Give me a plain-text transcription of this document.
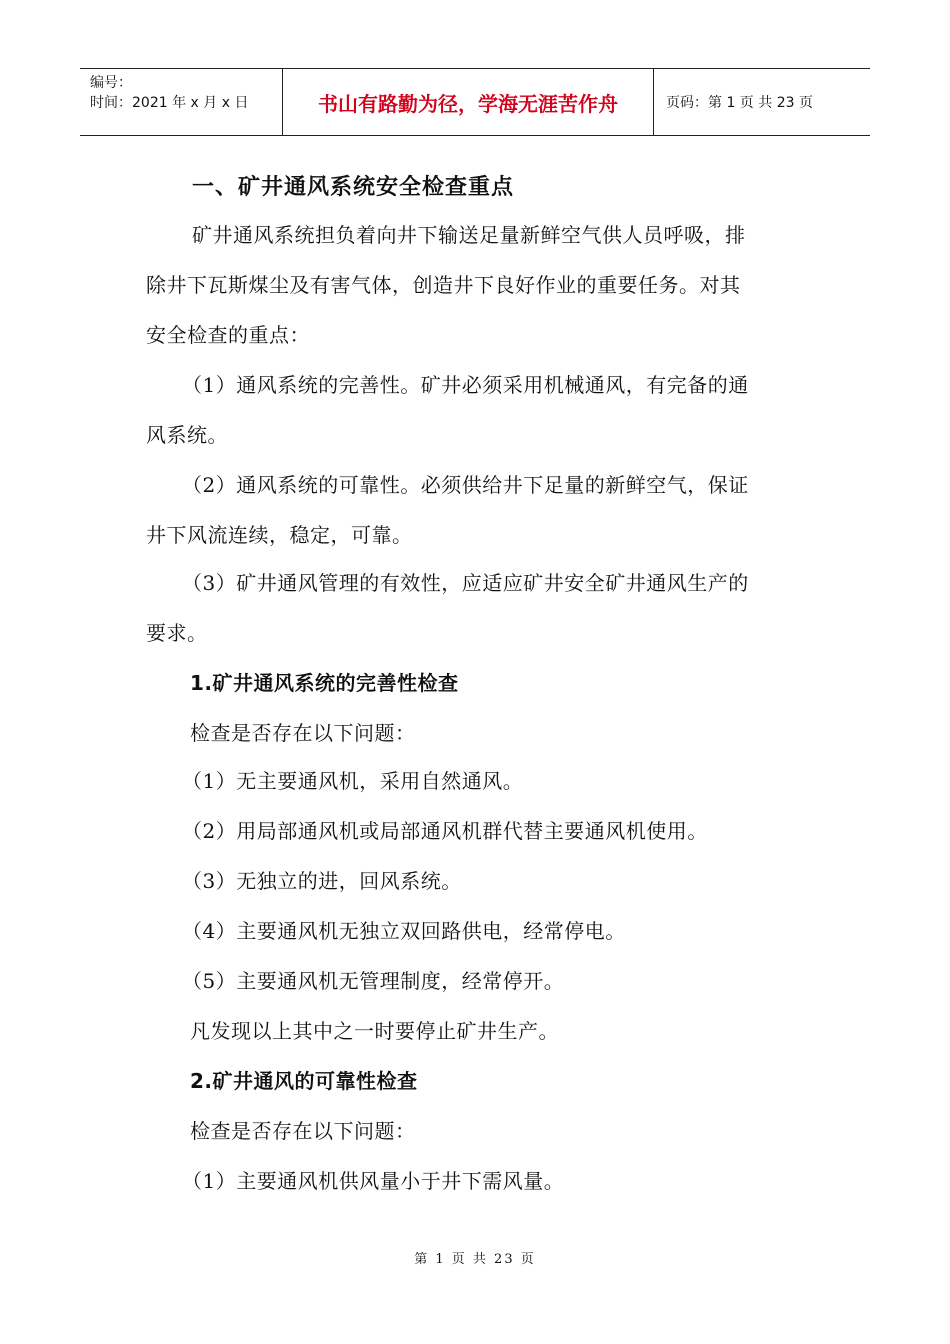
编号：
时间：2021 年 x 月 x 日	书山有路勤为径，学海无涯苦作舟	页码：第 1 页 共 23 页
一、矿井通风系统安全检查重点
矿井通风系统担负着向井下输送足量新鲜空气供人员呼吸，排
除井下瓦斯煤尘及有害气体，创造井下良好作业的重要任务。对其
安全检查的重点：
（1）通风系统的完善性。矿井必须采用机械通风，有完备的通
风系统。
（2）通风系统的可靠性。必须供给井下足量的新鲜空气，保证
井下风流连续，稳定，可靠。
（3）矿井通风管理的有效性，应适应矿井安全矿井通风生产的
要求。
1.矿井通风系统的完善性检查
检查是否存在以下问题：
（1）无主要通风机，采用自然通风。
（2）用局部通风机或局部通风机群代替主要通风机使用。
（3）无独立的进，回风系统。
（4）主要通风机无独立双回路供电，经常停电。
（5）主要通风机无管理制度，经常停开。
凡发现以上其中之一时要停止矿井生产。
2.矿井通风的可靠性检查
检查是否存在以下问题：
（1）主要通风机供风量小于井下需风量。
第 1 页 共 23 页
